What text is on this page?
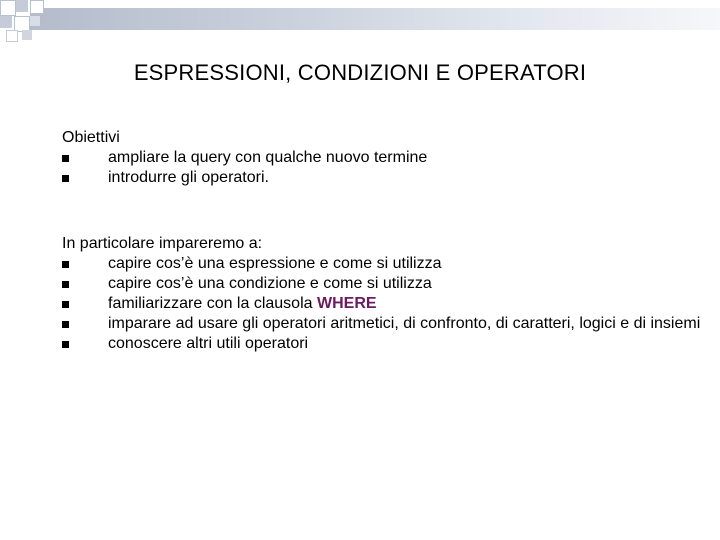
ESPRESSIONI, CONDIZIONI E OPERATORI
Obiettivi
ampliare la query con qualche nuovo termine
introdurre gli operatori.
In particolare impareremo a:
capire cos’è una espressione e come si utilizza
capire cos’è una condizione e come si utilizza
familiarizzare con la clausola WHERE
imparare ad usare gli operatori aritmetici, di confronto, di caratteri, logici e di insiemi
conoscere altri utili operatori
